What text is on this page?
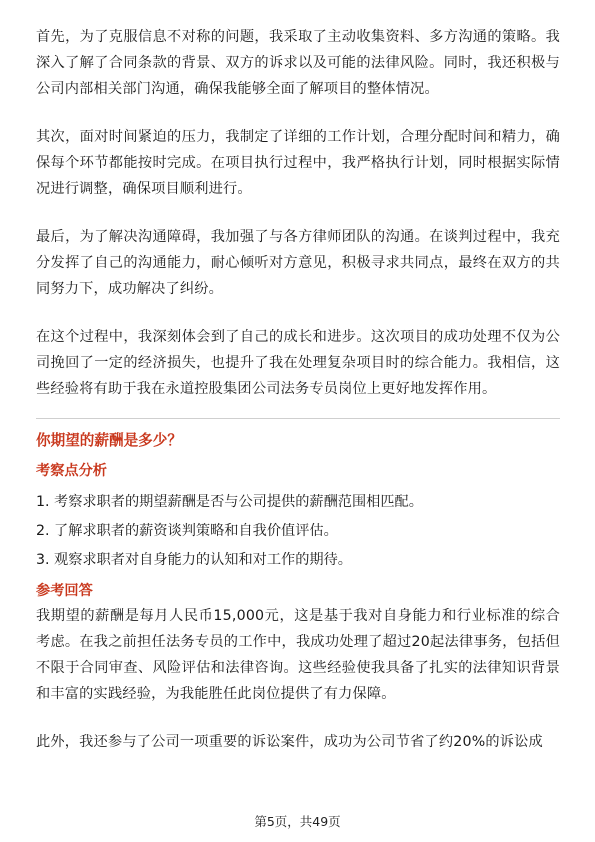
首先，为了克服信息不对称的问题，我采取了主动收集资料、多方沟通的策略。我深入了解了合同条款的背景、双方的诉求以及可能的法律风险。同时，我还积极与公司内部相关部门沟通，确保我能够全面了解项目的整体情况。

其次，面对时间紧迫的压力，我制定了详细的工作计划，合理分配时间和精力，确保每个环节都能按时完成。在项目执行过程中，我严格执行计划，同时根据实际情况进行调整，确保项目顺利进行。

最后，为了解决沟通障碍，我加强了与各方律师团队的沟通。在谈判过程中，我充分发挥了自己的沟通能力，耐心倾听对方意见，积极寻求共同点，最终在双方的共同努力下，成功解决了纠纷。

在这个过程中，我深刻体会到了自己的成长和进步。这次项目的成功处理不仅为公司挽回了一定的经济损失，也提升了我在处理复杂项目时的综合能力。我相信，这些经验将有助于我在永道控股集团公司法务专员岗位上更好地发挥作用。

你期望的薪酬是多少？

考察点分析

1. 考察求职者的期望薪酬是否与公司提供的薪酬范围相匹配。
2. 了解求职者的薪资谈判策略和自我价值评估。
3. 观察求职者对自身能力的认知和对工作的期待。

参考回答

我期望的薪酬是每月人民币15,000元，这是基于我对自身能力和行业标准的综合考虑。在我之前担任法务专员的工作中，我成功处理了超过20起法律事务，包括但不限于合同审查、风险评估和法律咨询。这些经验使我具备了扎实的法律知识背景和丰富的实践经验，为我能胜任此岗位提供了有力保障。

此外，我还参与了公司一项重要的诉讼案件，成功为公司节省了约20%的诉讼成

第5页，共49页
